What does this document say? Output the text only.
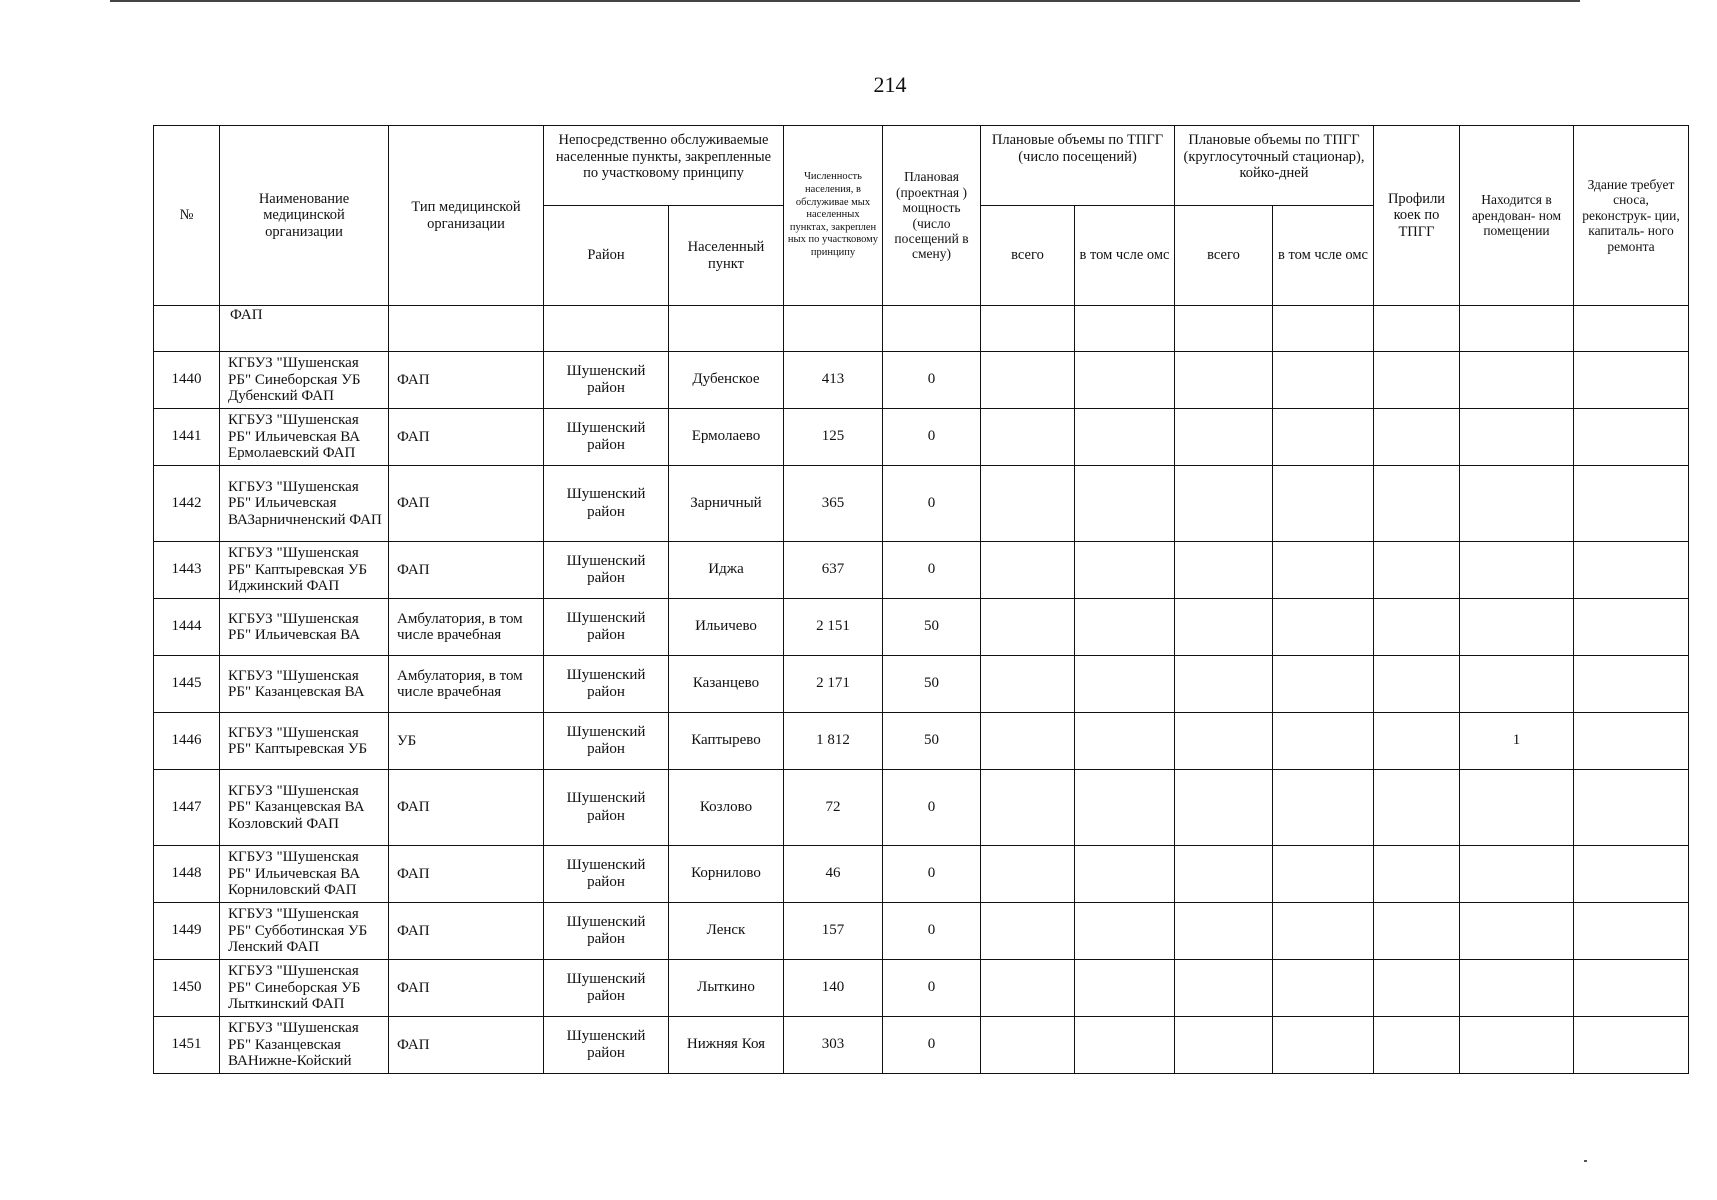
214
№	Наименование медицинской организации	Тип медицинской организации	Непосредственно обслуживаемые населенные пункты, закрепленные по участковому принципу		Численность населения, в обслуживае мых населенных пунктах, закреплен ных по участковому принципу	Плановая (проектная ) мощность (число посещений в смену)	Плановые объемы по ТПГГ (число посещений)		Плановые объемы по ТПГГ (круглосуточный стационар), койко-дней		Профили коек по ТПГГ	Находится в арендован- ном помещении	Здание требует сноса, реконструк- ции, капиталь- ного ремонта
			Район	Населенный пункт			всего	в том чсле омс	всего	в том чсле омс			
	ФАП												
1440	КГБУЗ "Шушенская РБ" Синеборская УБ Дубенский ФАП	ФАП	Шушенский район	Дубенское	413	0							
1441	КГБУЗ "Шушенская РБ" Ильичевская ВА Ермолаевский ФАП	ФАП	Шушенский район	Ермолаево	125	0							
1442	КГБУЗ "Шушенская РБ" Ильичевская ВАЗарничненский ФАП	ФАП	Шушенский район	Зарничный	365	0							
1443	КГБУЗ "Шушенская РБ" Каптыревская УБ Иджинский ФАП	ФАП	Шушенский район	Иджа	637	0							
1444	КГБУЗ "Шушенская РБ" Ильичевская ВА	Амбулатория, в том числе врачебная	Шушенский район	Ильичево	2 151	50							
1445	КГБУЗ "Шушенская РБ" Казанцевская ВА	Амбулатория, в том числе врачебная	Шушенский район	Казанцево	2 171	50							
1446	КГБУЗ "Шушенская РБ" Каптыревская УБ	УБ	Шушенский район	Каптырево	1 812	50						1	
1447	КГБУЗ "Шушенская РБ" Казанцевская ВА Козловский ФАП	ФАП	Шушенский район	Козлово	72	0							
1448	КГБУЗ "Шушенская РБ" Ильичевская ВА Корниловский ФАП	ФАП	Шушенский район	Корнилово	46	0							
1449	КГБУЗ "Шушенская РБ" Субботинская УБ Ленский ФАП	ФАП	Шушенский район	Ленск	157	0							
1450	КГБУЗ "Шушенская РБ" Синеборская УБ Лыткинский ФАП	ФАП	Шушенский район	Лыткино	140	0							
1451	КГБУЗ "Шушенская РБ" Казанцевская ВАНижне-Койский	ФАП	Шушенский район	Нижняя Коя	303	0							
